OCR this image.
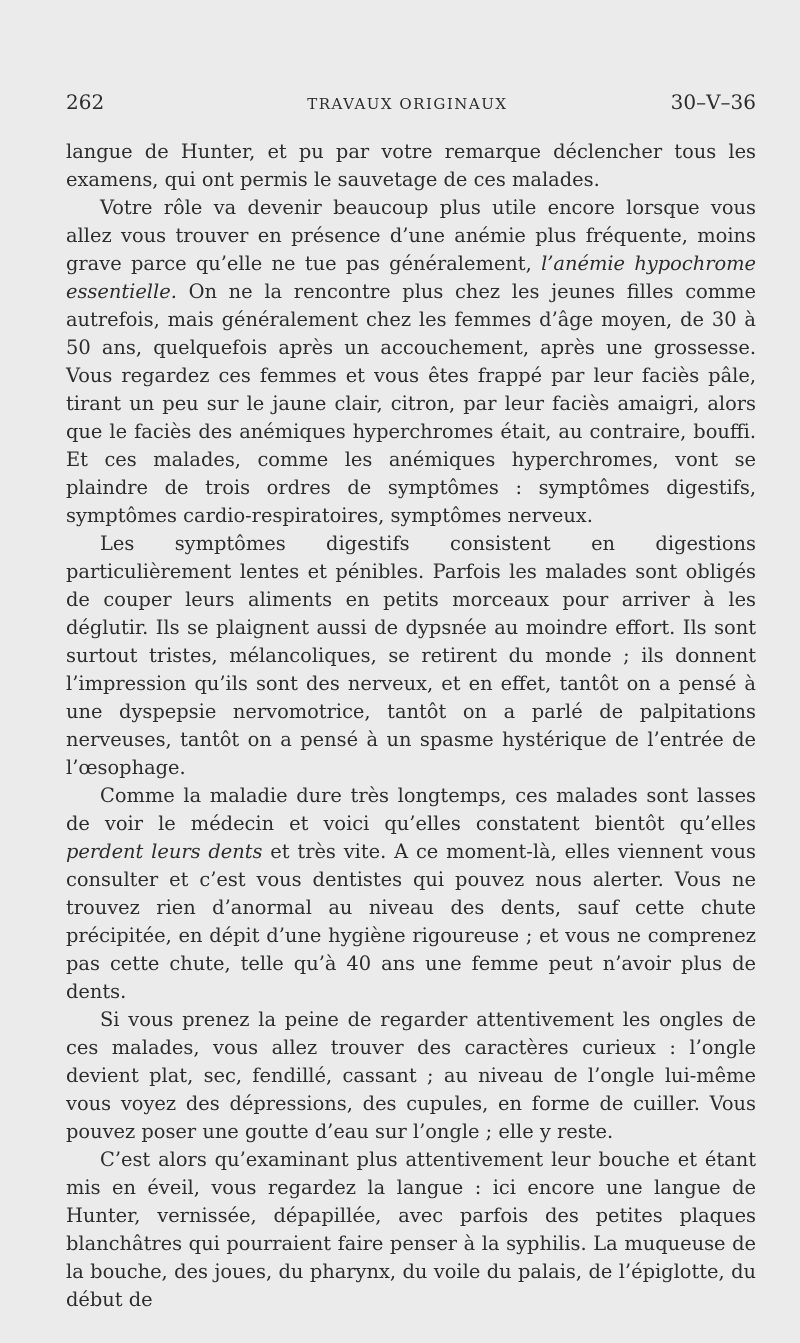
262	TRAVAUX ORIGINAUX	30–V–36

langue de Hunter, et pu par votre remarque déclencher tous les examens, qui ont permis le sauvetage de ces malades.

Votre rôle va devenir beaucoup plus utile encore lorsque vous allez vous trouver en présence d’une anémie plus fréquente, moins grave parce qu’elle ne tue pas généralement, l’anémie hypochrome essentielle. On ne la rencontre plus chez les jeunes filles comme autrefois, mais généralement chez les femmes d’âge moyen, de 30 à 50 ans, quelquefois après un accouchement, après une grossesse. Vous regardez ces femmes et vous êtes frappé par leur faciès pâle, tirant un peu sur le jaune clair, citron, par leur faciès amaigri, alors que le faciès des anémiques hyperchromes était, au contraire, bouffi. Et ces malades, comme les anémiques hyperchromes, vont se plaindre de trois ordres de symptômes : symptômes digestifs, symptômes cardio-respiratoires, symptômes nerveux.

Les symptômes digestifs consistent en digestions particulièrement lentes et pénibles. Parfois les malades sont obligés de couper leurs aliments en petits morceaux pour arriver à les déglutir. Ils se plaignent aussi de dypsnée au moindre effort. Ils sont surtout tristes, mélancoliques, se retirent du monde ; ils donnent l’impression qu’ils sont des nerveux, et en effet, tantôt on a pensé à une dyspepsie nervomotrice, tantôt on a parlé de palpitations nerveuses, tantôt on a pensé à un spasme hystérique de l’entrée de l’œsophage.

Comme la maladie dure très longtemps, ces malades sont lasses de voir le médecin et voici qu’elles constatent bientôt qu’elles perdent leurs dents et très vite. A ce moment-là, elles viennent vous consulter et c’est vous dentistes qui pouvez nous alerter. Vous ne trouvez rien d’anormal au niveau des dents, sauf cette chute précipitée, en dépit d’une hygiène rigoureuse ; et vous ne comprenez pas cette chute, telle qu’à 40 ans une femme peut n’avoir plus de dents.

Si vous prenez la peine de regarder attentivement les ongles de ces malades, vous allez trouver des caractères curieux : l’ongle devient plat, sec, fendillé, cassant ; au niveau de l’ongle lui-même vous voyez des dépressions, des cupules, en forme de cuiller. Vous pouvez poser une goutte d’eau sur l’ongle ; elle y reste.

C’est alors qu’examinant plus attentivement leur bouche et étant mis en éveil, vous regardez la langue : ici encore une langue de Hunter, vernissée, dépapillée, avec parfois des petites plaques blanchâtres qui pourraient faire penser à la syphilis. La muqueuse de la bouche, des joues, du pharynx, du voile du palais, de l’épiglotte, du début de
